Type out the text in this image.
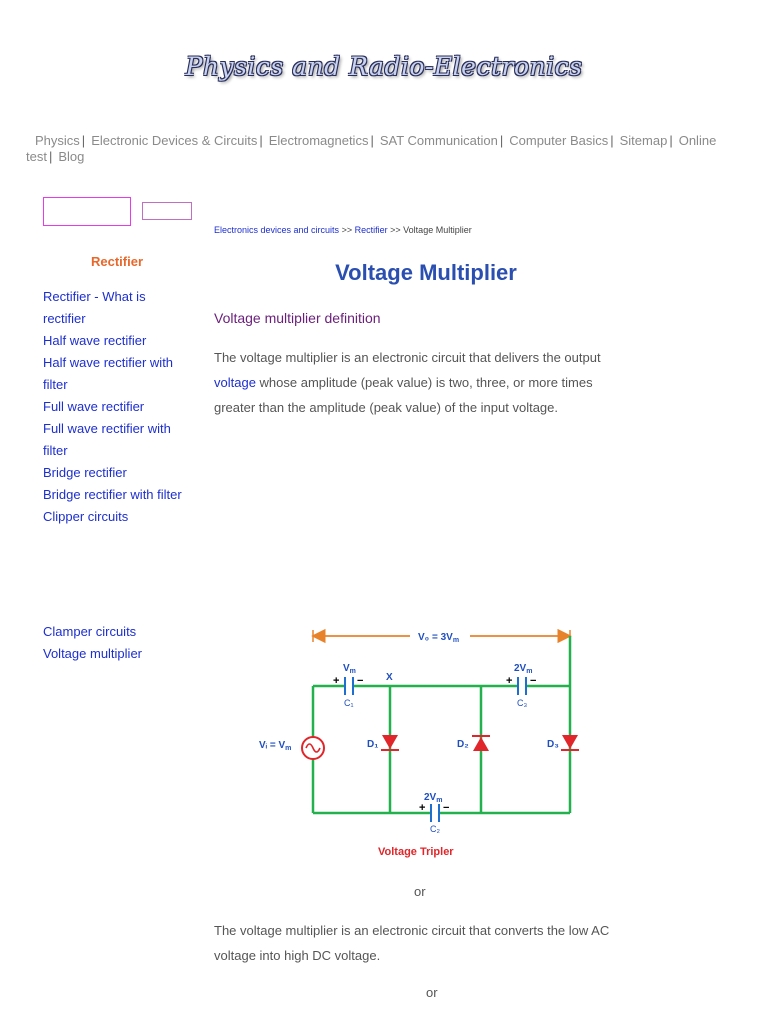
Physics and Radio-Electronics
Physics | Electronic Devices & Circuits | Electromagnetics | SAT Communication | Computer Basics | Sitemap | Online test | Blog
Rectifier
Rectifier - What is rectifier
Half wave rectifier
Half wave rectifier with filter
Full wave rectifier
Full wave rectifier with filter
Bridge rectifier
Bridge rectifier with filter
Clipper circuits
Clamper circuits
Voltage multiplier
Electronics devices and circuits >> Rectifier >> Voltage Multiplier
Voltage Multiplier
Voltage multiplier definition

The voltage multiplier is an electronic circuit that delivers the output voltage whose amplitude (peak value) is two, three, or more times greater than the amplitude (peak value) of the input voltage.

$V_0 = 3V_m$
$V_m$
+ −
C₁
X
$2V_m$
+ −
C₃
Vᵢ = $V_m$	D₁	D₂	D₃
$2V_m$
+ −
C₂
Voltage Tripler
or

The voltage multiplier is an electronic circuit that converts the low AC voltage into high DC voltage.

or
